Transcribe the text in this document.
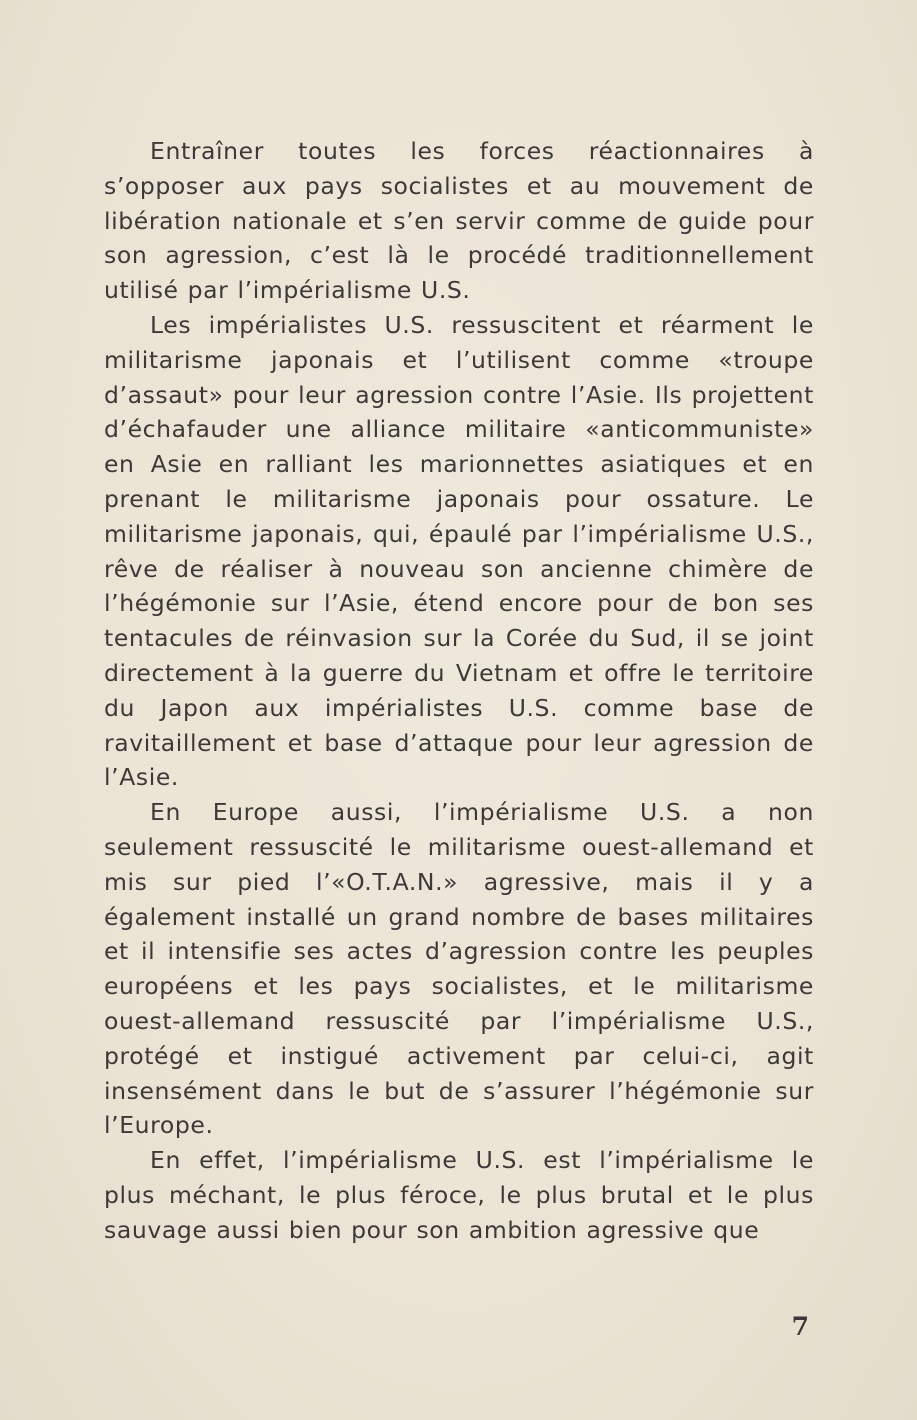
Entraîner toutes les forces réactionnaires à s’opposer aux pays socialistes et au mouvement de libération nationale et s’en servir comme de guide pour son agression, c’est là le procédé traditionnellement utilisé par l’impérialisme U.S.

Les impérialistes U.S. ressuscitent et réarment le militarisme japonais et l’utilisent comme «troupe d’assaut» pour leur agression contre l’Asie. Ils projettent d’échafauder une alliance militaire «anticommuniste» en Asie en ralliant les marionnettes asiatiques et en prenant le militarisme japonais pour ossature. Le militarisme japonais, qui, épaulé par l’impérialisme U.S., rêve de réaliser à nouveau son ancienne chimère de l’hégémonie sur l’Asie, étend encore pour de bon ses tentacules de réinvasion sur la Corée du Sud, il se joint directement à la guerre du Vietnam et offre le territoire du Japon aux impérialistes U.S. comme base de ravitaillement et base d’attaque pour leur agression de l’Asie.

En Europe aussi, l’impérialisme U.S. a non seulement ressuscité le militarisme ouest-allemand et mis sur pied l’«O.T.A.N.» agressive, mais il y a également installé un grand nombre de bases militaires et il intensifie ses actes d’agression contre les peuples européens et les pays socialistes, et le militarisme ouest-allemand ressuscité par l’impérialisme U.S., protégé et instigué activement par celui-ci, agit insensément dans le but de s’assurer l’hégémonie sur l’Europe.

En effet, l’impérialisme U.S. est l’impérialisme le plus méchant, le plus féroce, le plus brutal et le plus sauvage aussi bien pour son ambition agressive que

7
